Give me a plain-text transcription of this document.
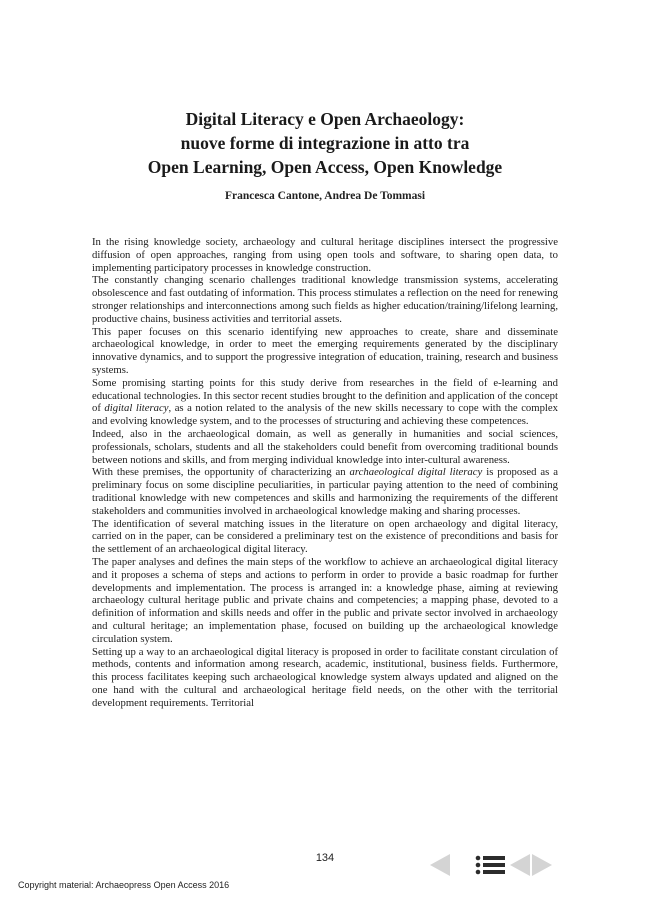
Digital Literacy e Open Archaeology:
nuove forme di integrazione in atto tra
Open Learning, Open Access, Open Knowledge
Francesca Cantone, Andrea De Tommasi

In the rising knowledge society, archaeology and cultural heritage disciplines intersect the progressive diffusion of open approaches, ranging from using open tools and software, to sharing open data, to implementing participatory processes in knowledge construction.

The constantly changing scenario challenges traditional knowledge transmission systems, accelerating obsolescence and fast outdating of information. This process stimulates a reflection on the need for renewing stronger relationships and interconnections among such fields as higher education/training/lifelong learning, productive chains, business activities and territorial assets.

This paper focuses on this scenario identifying new approaches to create, share and disseminate archaeological knowledge, in order to meet the emerging requirements generated by the disciplinary innovative dynamics, and to support the progressive integration of education, training, research and business systems.

Some promising starting points for this study derive from researches in the field of e-learning and educational technologies. In this sector recent studies brought to the definition and application of the concept of digital literacy, as a notion related to the analysis of the new skills necessary to cope with the complex and evolving knowledge system, and to the processes of structuring and achieving these competences.

Indeed, also in the archaeological domain, as well as generally in humanities and social sciences, professionals, scholars, students and all the stakeholders could benefit from overcoming traditional bounds between notions and skills, and from merging individual knowledge into inter-cultural awareness.

With these premises, the opportunity of characterizing an archaeological digital literacy is proposed as a preliminary focus on some discipline peculiarities, in particular paying attention to the need of combining traditional knowledge with new competences and skills and harmonizing the requirements of the different stakeholders and communities involved in archaeological knowledge making and sharing processes.

The identification of several matching issues in the literature on open archaeology and digital literacy, carried on in the paper, can be considered a preliminary test on the existence of preconditions and basis for the settlement of an archaeological digital literacy.

The paper analyses and defines the main steps of the workflow to achieve an archaeological digital literacy and it proposes a schema of steps and actions to perform in order to provide a basic roadmap for further developments and implementation. The process is arranged in: a knowledge phase, aiming at reviewing archaeology cultural heritage public and private chains and competencies; a mapping phase, devoted to a definition of information and skills needs and offer in the public and private sector involved in archaeology and cultural heritage; an implementation phase, focused on building up the archaeological knowledge circulation system.

Setting up a way to an archaeological digital literacy is proposed in order to facilitate constant circulation of methods, contents and information among research, academic, institutional, business fields. Furthermore, this process facilitates keeping such archaeological knowledge system always updated and aligned on the one hand with the cultural and archaeological heritage field needs, on the other with the territorial development requirements. Territorial

134
Copyright material: Archaeopress Open Access 2016
